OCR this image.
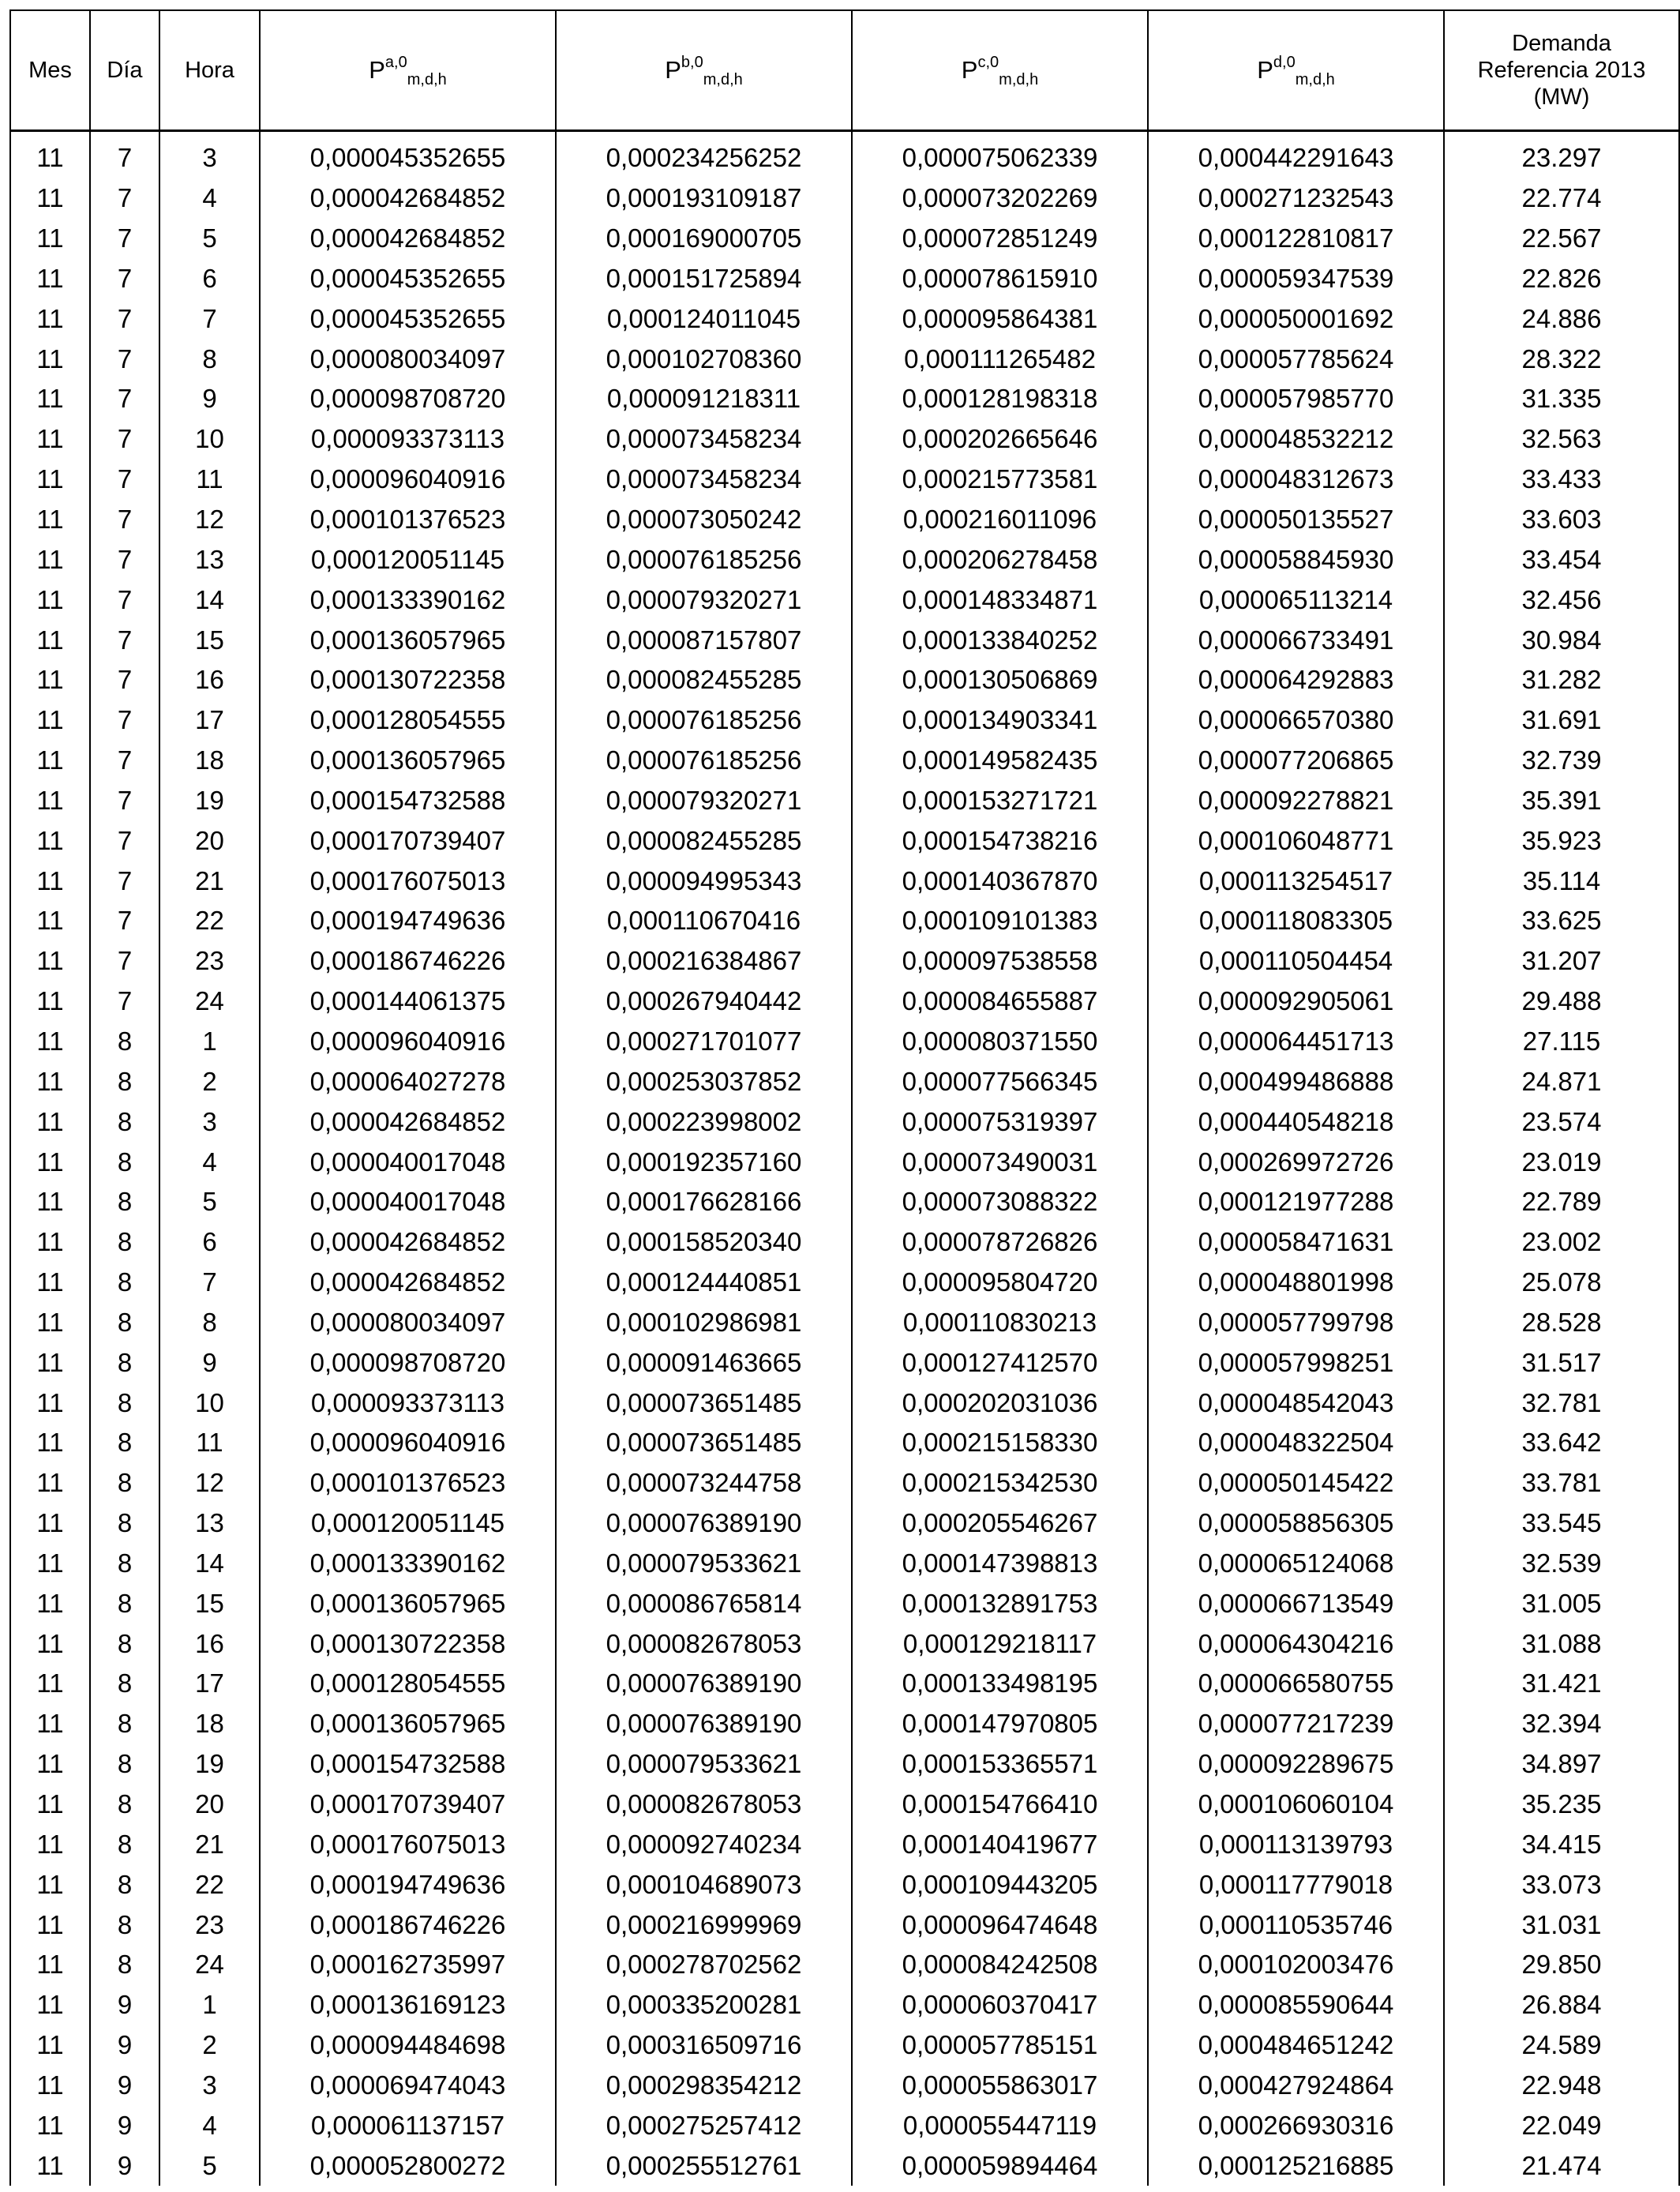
Mes	Día	Hora	P$^{a,0}_{m,d,h}$	P$^{b,0}_{m,d,h}$	P$^{c,0}_{m,d,h}$	P$^{d,0}_{m,d,h}$	Demanda
Referencia 2013
(MW)
11	7	3	0,000045352655	0,000234256252	0,000075062339	0,000442291643	23.297
11	7	4	0,000042684852	0,000193109187	0,000073202269	0,000271232543	22.774
11	7	5	0,000042684852	0,000169000705	0,000072851249	0,000122810817	22.567
11	7	6	0,000045352655	0,000151725894	0,000078615910	0,000059347539	22.826
11	7	7	0,000045352655	0,000124011045	0,000095864381	0,000050001692	24.886
11	7	8	0,000080034097	0,000102708360	0,000111265482	0,000057785624	28.322
11	7	9	0,000098708720	0,000091218311	0,000128198318	0,000057985770	31.335
11	7	10	0,000093373113	0,000073458234	0,000202665646	0,000048532212	32.563
11	7	11	0,000096040916	0,000073458234	0,000215773581	0,000048312673	33.433
11	7	12	0,000101376523	0,000073050242	0,000216011096	0,000050135527	33.603
11	7	13	0,000120051145	0,000076185256	0,000206278458	0,000058845930	33.454
11	7	14	0,000133390162	0,000079320271	0,000148334871	0,000065113214	32.456
11	7	15	0,000136057965	0,000087157807	0,000133840252	0,000066733491	30.984
11	7	16	0,000130722358	0,000082455285	0,000130506869	0,000064292883	31.282
11	7	17	0,000128054555	0,000076185256	0,000134903341	0,000066570380	31.691
11	7	18	0,000136057965	0,000076185256	0,000149582435	0,000077206865	32.739
11	7	19	0,000154732588	0,000079320271	0,000153271721	0,000092278821	35.391
11	7	20	0,000170739407	0,000082455285	0,000154738216	0,000106048771	35.923
11	7	21	0,000176075013	0,000094995343	0,000140367870	0,000113254517	35.114
11	7	22	0,000194749636	0,000110670416	0,000109101383	0,000118083305	33.625
11	7	23	0,000186746226	0,000216384867	0,000097538558	0,000110504454	31.207
11	7	24	0,000144061375	0,000267940442	0,000084655887	0,000092905061	29.488
11	8	1	0,000096040916	0,000271701077	0,000080371550	0,000064451713	27.115
11	8	2	0,000064027278	0,000253037852	0,000077566345	0,000499486888	24.871
11	8	3	0,000042684852	0,000223998002	0,000075319397	0,000440548218	23.574
11	8	4	0,000040017048	0,000192357160	0,000073490031	0,000269972726	23.019
11	8	5	0,000040017048	0,000176628166	0,000073088322	0,000121977288	22.789
11	8	6	0,000042684852	0,000158520340	0,000078726826	0,000058471631	23.002
11	8	7	0,000042684852	0,000124440851	0,000095804720	0,000048801998	25.078
11	8	8	0,000080034097	0,000102986981	0,000110830213	0,000057799798	28.528
11	8	9	0,000098708720	0,000091463665	0,000127412570	0,000057998251	31.517
11	8	10	0,000093373113	0,000073651485	0,000202031036	0,000048542043	32.781
11	8	11	0,000096040916	0,000073651485	0,000215158330	0,000048322504	33.642
11	8	12	0,000101376523	0,000073244758	0,000215342530	0,000050145422	33.781
11	8	13	0,000120051145	0,000076389190	0,000205546267	0,000058856305	33.545
11	8	14	0,000133390162	0,000079533621	0,000147398813	0,000065124068	32.539
11	8	15	0,000136057965	0,000086765814	0,000132891753	0,000066713549	31.005
11	8	16	0,000130722358	0,000082678053	0,000129218117	0,000064304216	31.088
11	8	17	0,000128054555	0,000076389190	0,000133498195	0,000066580755	31.421
11	8	18	0,000136057965	0,000076389190	0,000147970805	0,000077217239	32.394
11	8	19	0,000154732588	0,000079533621	0,000153365571	0,000092289675	34.897
11	8	20	0,000170739407	0,000082678053	0,000154766410	0,000106060104	35.235
11	8	21	0,000176075013	0,000092740234	0,000140419677	0,000113139793	34.415
11	8	22	0,000194749636	0,000104689073	0,000109443205	0,000117779018	33.073
11	8	23	0,000186746226	0,000216999969	0,000096474648	0,000110535746	31.031
11	8	24	0,000162735997	0,000278702562	0,000084242508	0,000102003476	29.850
11	9	1	0,000136169123	0,000335200281	0,000060370417	0,000085590644	26.884
11	9	2	0,000094484698	0,000316509716	0,000057785151	0,000484651242	24.589
11	9	3	0,000069474043	0,000298354212	0,000055863017	0,000427924864	22.948
11	9	4	0,000061137157	0,000275257412	0,000055447119	0,000266930316	22.049
11	9	5	0,000052800272	0,000255512761	0,000059894464	0,000125216885	21.474
